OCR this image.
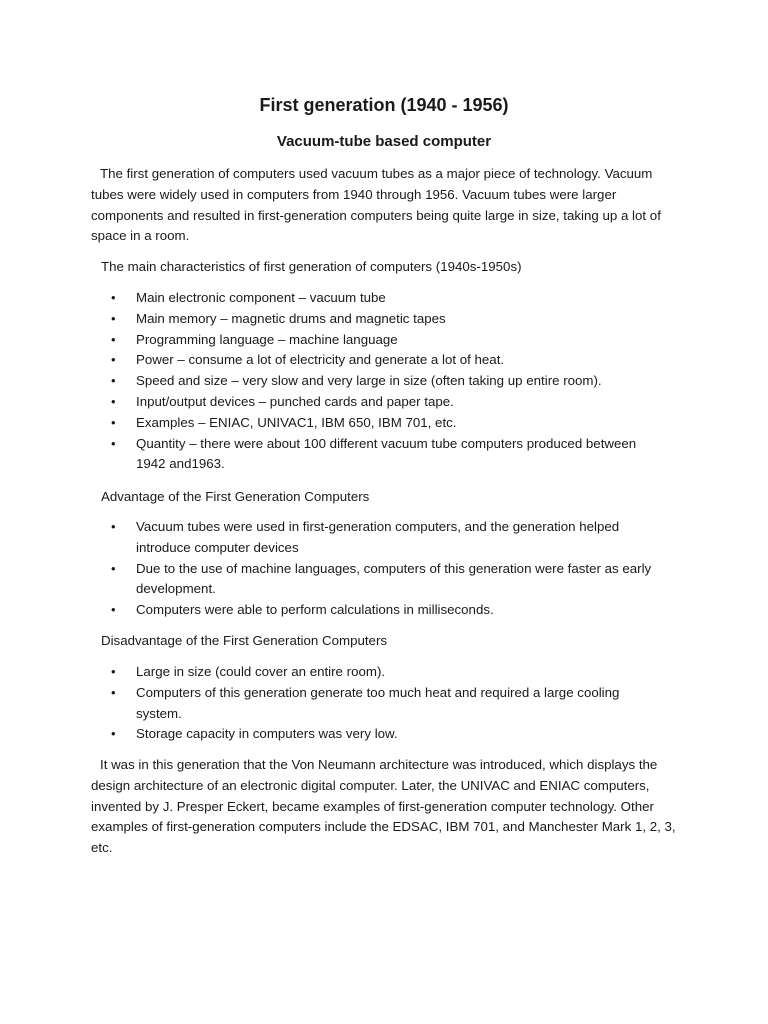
First generation (1940 - 1956)
Vacuum-tube based computer

The first generation of computers used vacuum tubes as a major piece of technology. Vacuum tubes were widely used in computers from 1940 through 1956. Vacuum tubes were larger components and resulted in first-generation computers being quite large in size, taking up a lot of space in a room.

The main characteristics of first generation of computers (1940s-1950s)

• Main electronic component – vacuum tube
• Main memory – magnetic drums and magnetic tapes
• Programming language – machine language
• Power – consume a lot of electricity and generate a lot of heat.
• Speed and size – very slow and very large in size (often taking up entire room).
• Input/output devices – punched cards and paper tape.
• Examples – ENIAC, UNIVAC1, IBM 650, IBM 701, etc.
• Quantity – there were about 100 different vacuum tube computers produced between 1942 and1963.

Advantage of the First Generation Computers

• Vacuum tubes were used in first-generation computers, and the generation helped introduce computer devices
• Due to the use of machine languages, computers of this generation were faster as early development.
• Computers were able to perform calculations in milliseconds.

Disadvantage of the First Generation Computers

• Large in size (could cover an entire room).
• Computers of this generation generate too much heat and required a large cooling system.
• Storage capacity in computers was very low.

It was in this generation that the Von Neumann architecture was introduced, which displays the design architecture of an electronic digital computer. Later, the UNIVAC and ENIAC computers, invented by J. Presper Eckert, became examples of first-generation computer technology. Other examples of first-generation computers include the EDSAC, IBM 701, and Manchester Mark 1, 2, 3, etc.
